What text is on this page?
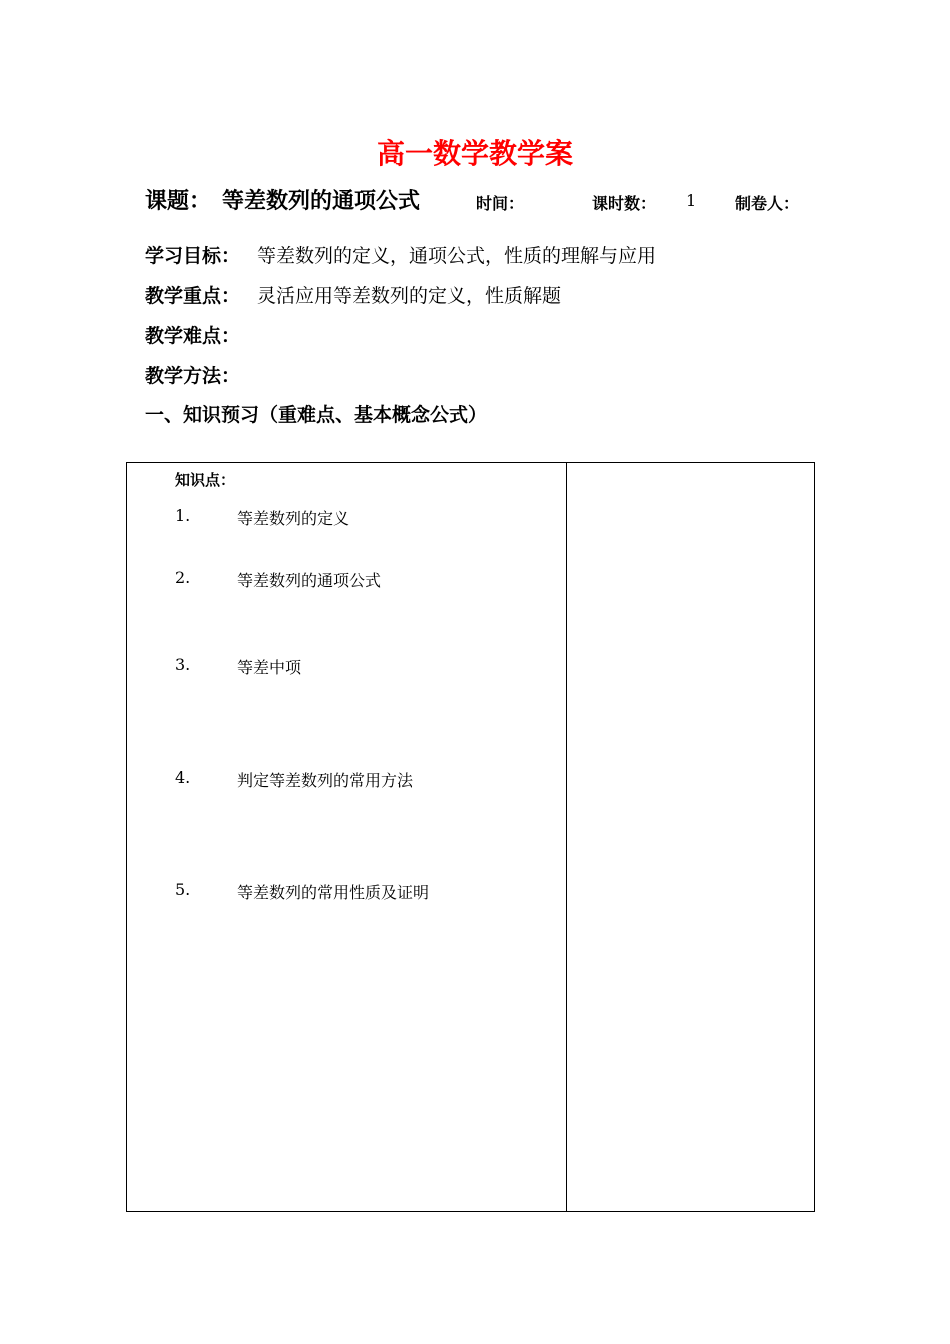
高一数学教学案
课题： 等差数列的通项公式	时间：	课时数： 1 制卷人：
学习目标： 等差数列的定义，通项公式，性质的理解与应用
教学重点： 灵活应用等差数列的定义，性质解题
教学难点：
教学方法：
一、知识预习（重难点、基本概念公式）
知识点：
1.	等差数列的定义
2.	等差数列的通项公式
3.	等差中项
4.	判定等差数列的常用方法
5.	等差数列的常用性质及证明
